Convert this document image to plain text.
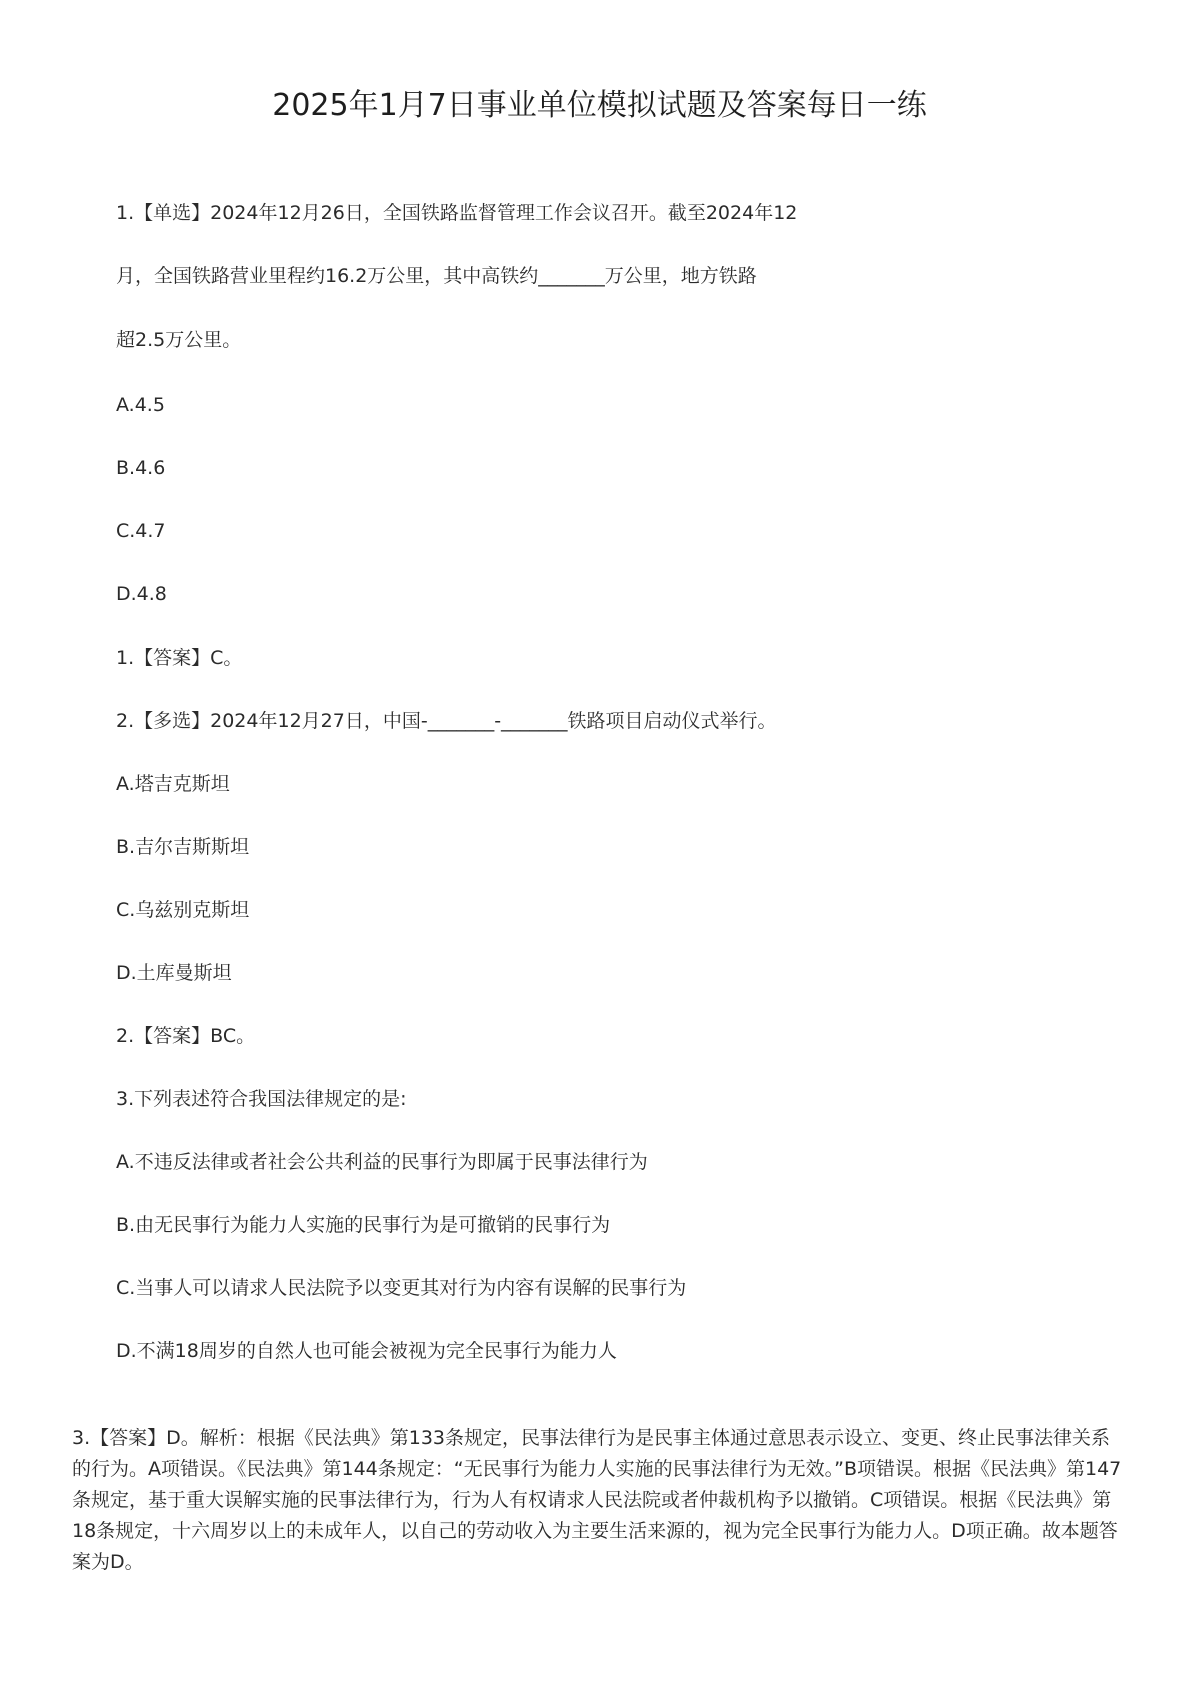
2025年1月7日事业单位模拟试题及答案每日一练
1.【单选】2024年12月26日，全国铁路监督管理工作会议召开。截至2024年12
月，全国铁路营业里程约16.2万公里，其中高铁约_______万公里，地方铁路
超2.5万公里。
A.4.5
B.4.6
C.4.7
D.4.8
1.【答案】C。
2.【多选】2024年12月27日，中国-_______-_______铁路项目启动仪式举行。
A.塔吉克斯坦
B.吉尔吉斯斯坦
C.乌兹别克斯坦
D.土库曼斯坦
2.【答案】BC。
3.下列表述符合我国法律规定的是:
A.不违反法律或者社会公共利益的民事行为即属于民事法律行为
B.由无民事行为能力人实施的民事行为是可撤销的民事行为
C.当事人可以请求人民法院予以变更其对行为内容有误解的民事行为
D.不满18周岁的自然人也可能会被视为完全民事行为能力人

3.【答案】D。解析：根据《民法典》第133条规定，民事法律行为是民事主体通过意思表示设立、变更、终止民事法律关系的行为。A项错误。《民法典》第144条规定：“无民事行为能力人实施的民事法律行为无效。”B项错误。根据《民法典》第147条规定，基于重大误解实施的民事法律行为，行为人有权请求人民法院或者仲裁机构予以撤销。C项错误。根据《民法典》第18条规定，十六周岁以上的未成年人，以自己的劳动收入为主要生活来源的，视为完全民事行为能力人。D项正确。故本题答案为D。
